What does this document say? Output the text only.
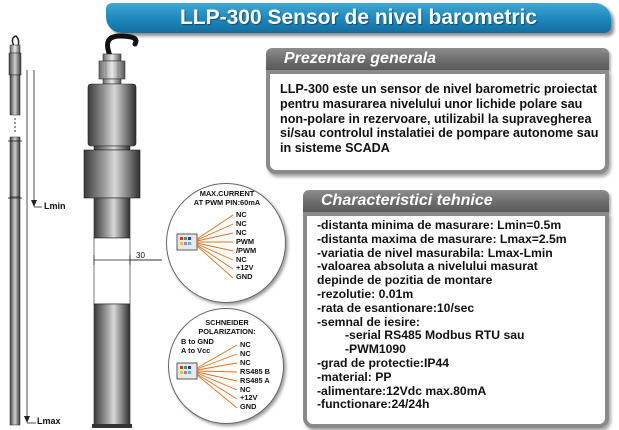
LLP-300 Sensor de nivel barometric
Lmin
Lmax
30
MAX.CURRENT
AT PWM PIN:60mA
NC
NC
NC
PWM
/PWM
NC
+12V
GND
SCHNEIDER
POLARIZATION:
B to GND
A to Vcc
NC
NC
NC
RS485 B
RS485 A
NC
+12V
GND
Prezentare generala
LLP-300 este un sensor de nivel barometric proiectat pentru masurarea nivelului unor lichide polare sau non-polare in rezervoare, utilizabil la supravegherea si/sau controlul instalatiei de pompare autonome sau in sisteme SCADA
Characteristici tehnice
-distanta minima de masurare: Lmin=0.5m
-distanta maxima de masurare: Lmax=2.5m
-variatia de nivel masurabila: Lmax-Lmin
-valoarea absoluta a nivelului masurat
depinde de pozitia de montare
-rezolutie: 0.01m
-rata de esantionare:10/sec
-semnal de iesire:
-serial RS485 Modbus RTU sau
-PWM1090
-grad de protectie:IP44
-material: PP
-alimentare:12Vdc max.80mA
-functionare:24/24h
